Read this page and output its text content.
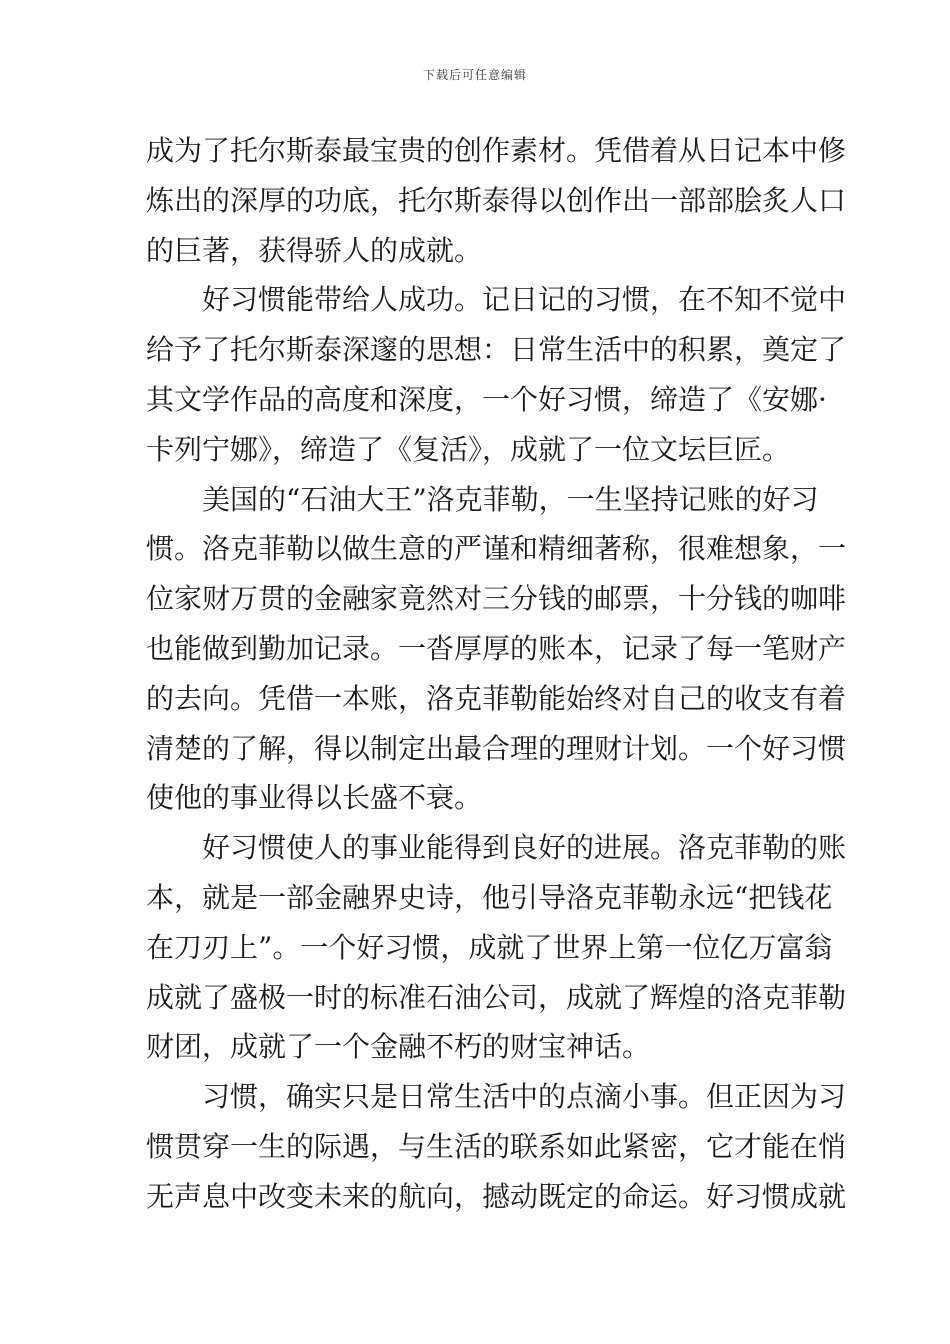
下载后可任意编辑
成为了托尔斯泰最宝贵的创作素材。凭借着从日记本中修
炼出的深厚的功底，托尔斯泰得以创作出一部部脍炙人口
的巨著，获得骄人的成就。
好习惯能带给人成功。记日记的习惯，在不知不觉中
给予了托尔斯泰深邃的思想：日常生活中的积累，奠定了
其文学作品的高度和深度，一个好习惯，缔造了《安娜·
卡列宁娜》，缔造了《复活》，成就了一位文坛巨匠。
美国的“石油大王”洛克菲勒，一生坚持记账的好习
惯。洛克菲勒以做生意的严谨和精细著称，很难想象，一
位家财万贯的金融家竟然对三分钱的邮票，十分钱的咖啡
也能做到勤加记录。一沓厚厚的账本，记录了每一笔财产
的去向。凭借一本账，洛克菲勒能始终对自己的收支有着
清楚的了解，得以制定出最合理的理财计划。一个好习惯
使他的事业得以长盛不衰。
好习惯使人的事业能得到良好的进展。洛克菲勒的账
本，就是一部金融界史诗，他引导洛克菲勒永远“把钱花
在刀刃上”。一个好习惯，成就了世界上第一位亿万富翁
成就了盛极一时的标准石油公司，成就了辉煌的洛克菲勒
财团，成就了一个金融不朽的财宝神话。
习惯，确实只是日常生活中的点滴小事。但正因为习
惯贯穿一生的际遇，与生活的联系如此紧密，它才能在悄
无声息中改变未来的航向，撼动既定的命运。好习惯成就
